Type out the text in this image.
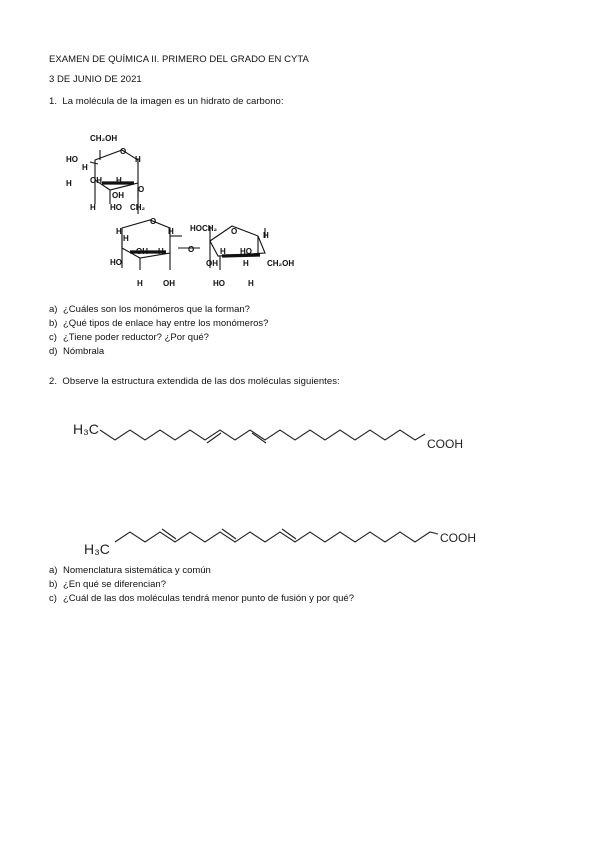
EXAMEN DE QUÍMICA II. PRIMERO DEL GRADO EN CYTA
3 DE JUNIO DE 2021
1. La molécula de la imagen es un hidrato de carbono:
CH₂OH
O
HO
H
H
OH H
H
OH
O
H HO CH₂
O
H
H
H
OH H
HO
H	OH
O
HOCH₂ O	H
H HO
CH₂OH
OH	H
HO	H
a) ¿Cuáles son los monómeros que la forman?
b) ¿Qué tipos de enlace hay entre los monómeros?
c) ¿Tiene poder reductor? ¿Por qué?
d) Nómbrala
2. Observe la estructura extendida de las dos moléculas siguientes:
H₃C
COOH
H₃C
COOH
a) Nomenclatura sistemática y común
b) ¿En qué se diferencian?
c) ¿Cuál de las dos moléculas tendrá menor punto de fusión y por qué?
